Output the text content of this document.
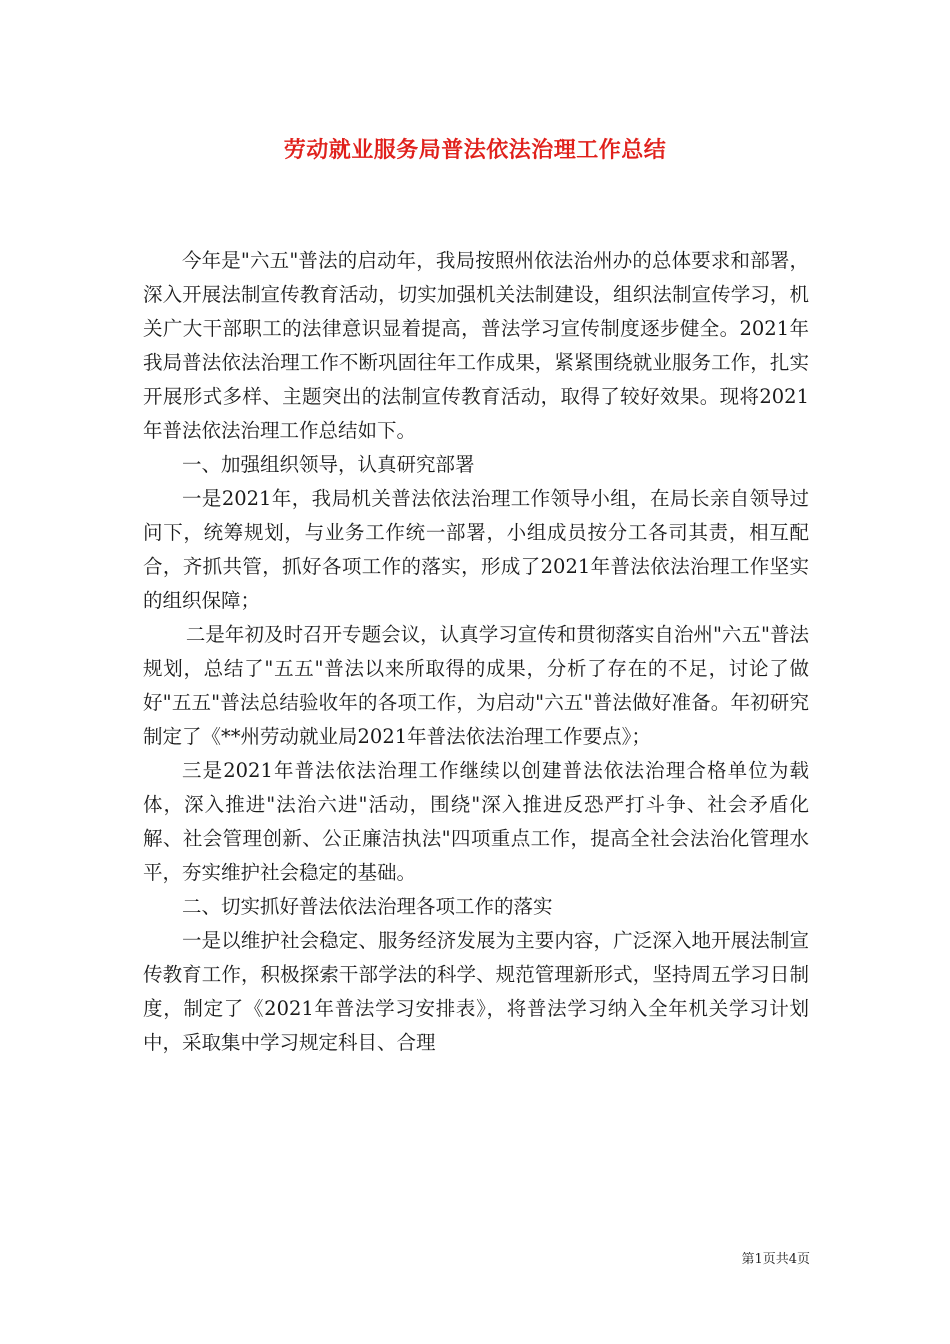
劳动就业服务局普法依法治理工作总结

今年是"六五"普法的启动年，我局按照州依法治州办的总体要求和部署，深入开展法制宣传教育活动，切实加强机关法制建设，组织法制宣传学习，机关广大干部职工的法律意识显着提高，普法学习宣传制度逐步健全。2021年我局普法依法治理工作不断巩固往年工作成果，紧紧围绕就业服务工作，扎实开展形式多样、主题突出的法制宣传教育活动，取得了较好效果。现将2021年普法依法治理工作总结如下。

一、加强组织领导，认真研究部署

一是2021年，我局机关普法依法治理工作领导小组，在局长亲自领导过问下，统筹规划，与业务工作统一部署，小组成员按分工各司其责，相互配合，齐抓共管，抓好各项工作的落实，形成了2021年普法依法治理工作坚实的组织保障；

二是年初及时召开专题会议，认真学习宣传和贯彻落实自治州"六五"普法规划，总结了"五五"普法以来所取得的成果，分析了存在的不足，讨论了做好"五五"普法总结验收年的各项工作，为启动"六五"普法做好准备。年初研究制定了《**州劳动就业局2021年普法依法治理工作要点》；

三是2021年普法依法治理工作继续以创建普法依法治理合格单位为载体，深入推进"法治六进"活动，围绕"深入推进反恐严打斗争、社会矛盾化解、社会管理创新、公正廉洁执法"四项重点工作，提高全社会法治化管理水平，夯实维护社会稳定的基础。

二、切实抓好普法依法治理各项工作的落实

一是以维护社会稳定、服务经济发展为主要内容，广泛深入地开展法制宣传教育工作，积极探索干部学法的科学、规范管理新形式，坚持周五学习日制度，制定了《2021年普法学习安排表》，将普法学习纳入全年机关学习计划中，采取集中学习规定科目、合理

第1页共4页
